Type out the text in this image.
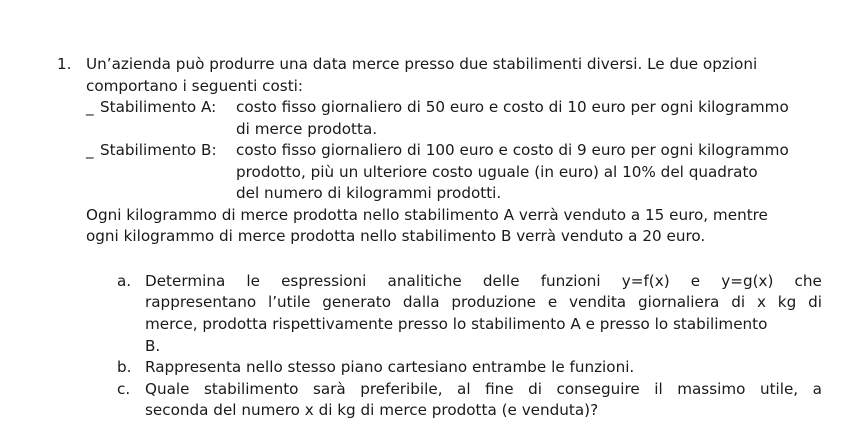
1. Un’azienda può produrre una data merce presso due stabilimenti diversi. Le due opzioni
comportano i seguenti costi:
_ Stabilimento A: costo fisso giornaliero di 50 euro e costo di 10 euro per ogni kilogrammo
di merce prodotta.
_ Stabilimento B: costo fisso giornaliero di 100 euro e costo di 9 euro per ogni kilogrammo
prodotto, più un ulteriore costo uguale (in euro) al 10% del quadrato
del numero di kilogrammi prodotti.
Ogni kilogrammo di merce prodotta nello stabilimento A verrà venduto a 15 euro, mentre
ogni kilogrammo di merce prodotta nello stabilimento B verrà venduto a 20 euro.
a. Determina le espressioni analitiche delle funzioni y=f(x) e y=g(x) che
rappresentano l’utile generato dalla produzione e vendita giornaliera di x kg di
merce, prodotta rispettivamente presso lo stabilimento A e presso lo stabilimento
B.
b. Rappresenta nello stesso piano cartesiano entrambe le funzioni.
c. Quale stabilimento sarà preferibile, al fine di conseguire il massimo utile, a
seconda del numero x di kg di merce prodotta (e venduta)?
